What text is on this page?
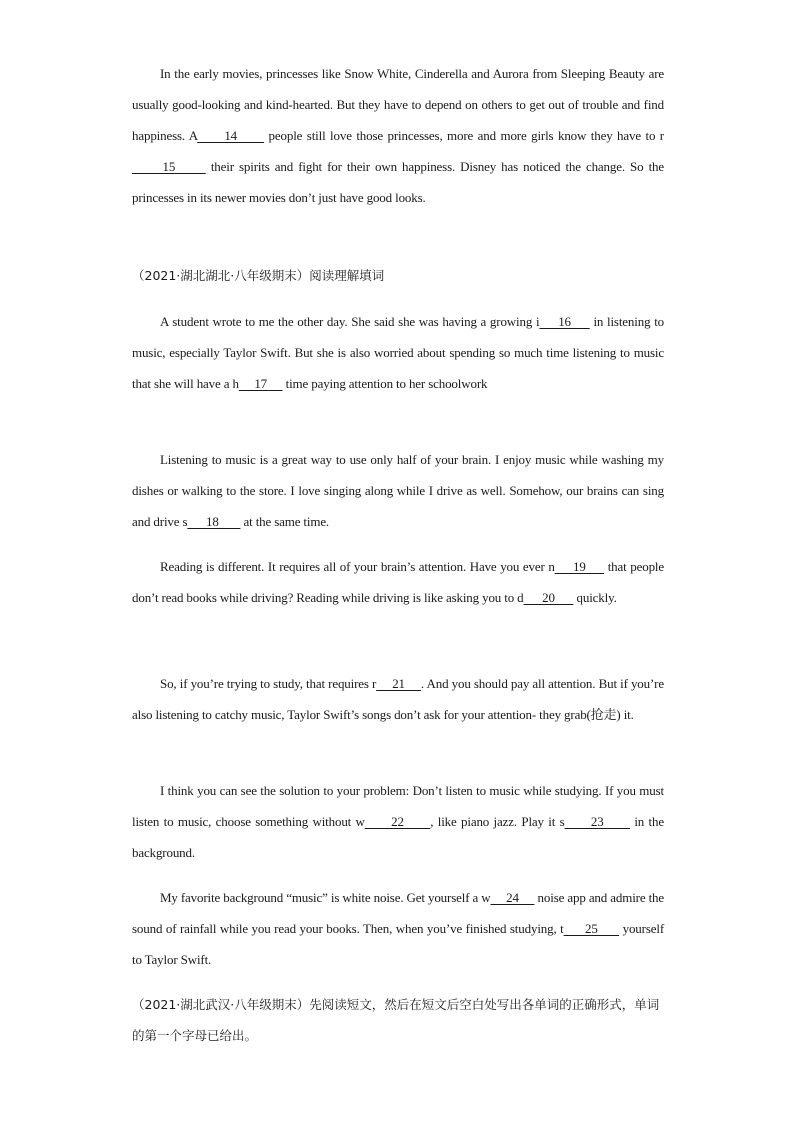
In the early movies, princesses like Snow White, Cinderella and Aurora from Sleeping Beauty are usually good-looking and kind-hearted. But they have to depend on others to get out of trouble and find happiness. A      14       people still love those princesses, more and more girls know they have to r      15       their spirits and fight for their own happiness. Disney has noticed the change. So the princesses in its newer movies don’t just have good looks.

（2021·湖北湖北·八年级期末）阅读理解填词

A student wrote to me the other day. She said she was having a growing i     16      in listening to music, especially Taylor Swift. But she is also worried about spending so much time listening to music that she will have a h     17      time paying attention to her schoolwork

Listening to music is a great way to use only half of your brain. I enjoy music while washing my dishes or walking to the store. I love singing along while I drive as well. Somehow, our brains can sing and drive s      18        at the same time.

Reading is different. It requires all of your brain’s attention. Have you ever n     19      that people don’t read books while driving? Reading while driving is like asking you to d      20       quickly.

So, if you’re trying to study, that requires r     21     . And you should pay all attention. But if you’re also listening to catchy music, Taylor Swift’s songs don’t ask for your attention- they grab(抢走) it.

I think you can see the solution to your problem: Don’t listen to music while studying. If you must listen to music, choose something without w      22      , like piano jazz. Play it s      23       in the background.

My favorite background “music” is white noise. Get yourself a w     24      noise app and admire the sound of rainfall while you read your books. Then, when you’ve finished studying, t      25       yourself to Taylor Swift.

（2021·湖北武汉·八年级期末）先阅读短文，然后在短文后空白处写出各单词的正确形式，单词的第一个字母已给出。
